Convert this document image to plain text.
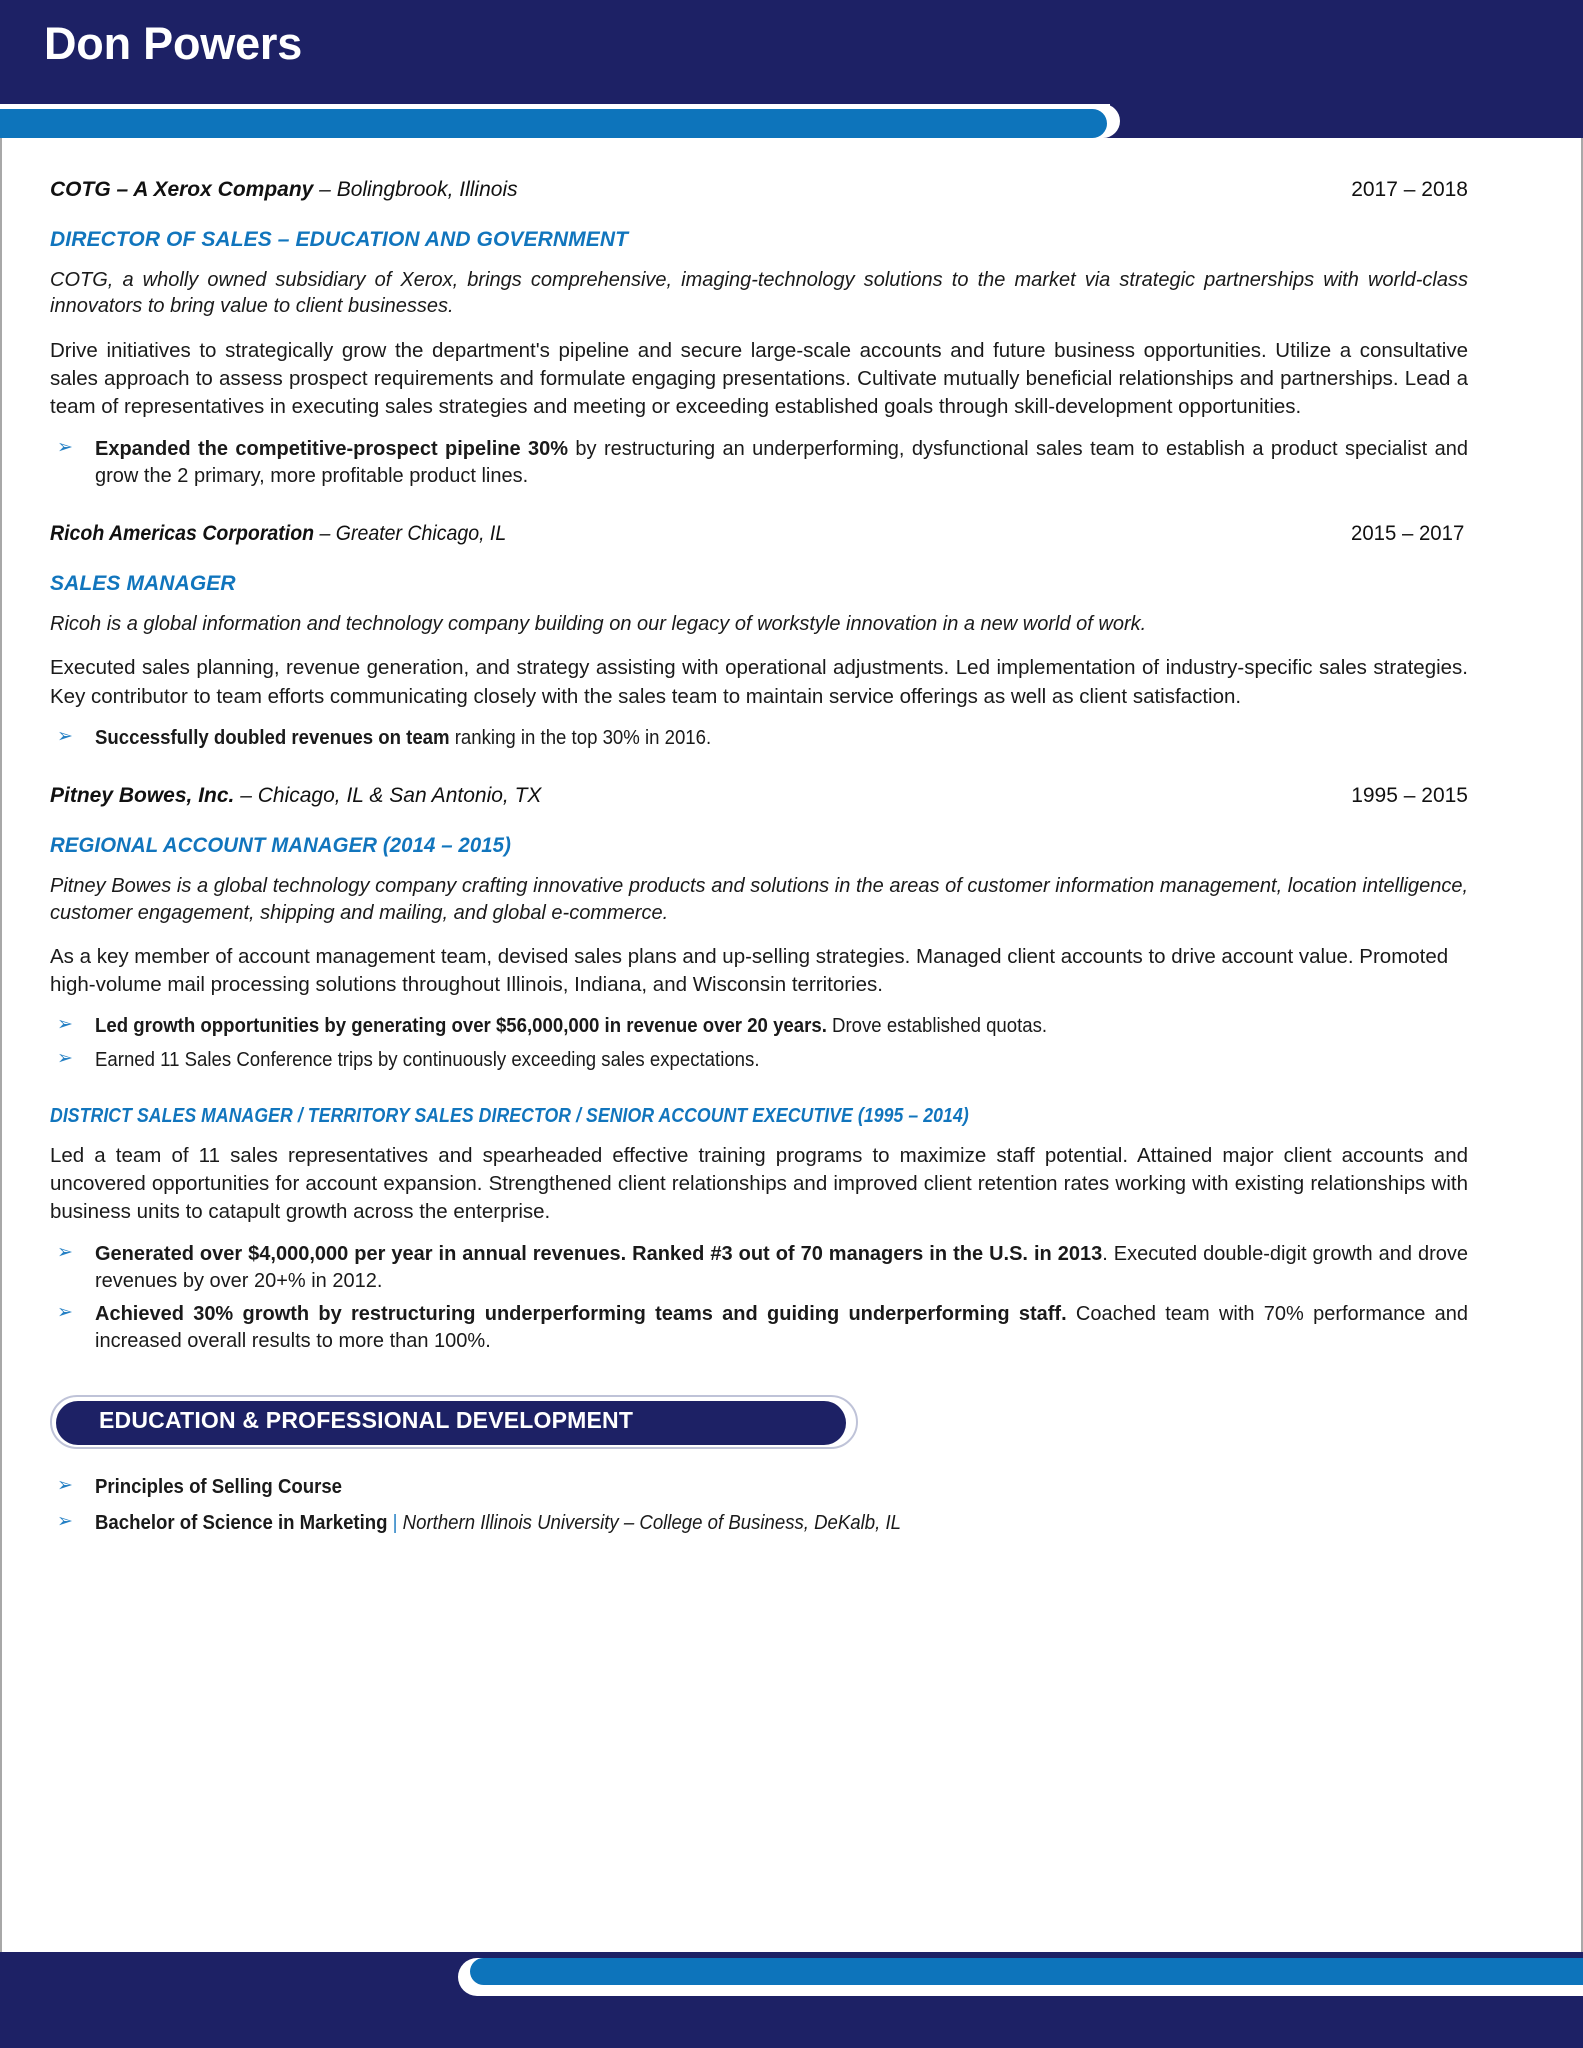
Don Powers
COTG – A Xerox Company – Bolingbrook, Illinois	2017 – 2018
DIRECTOR OF SALES – EDUCATION AND GOVERNMENT
COTG, a wholly owned subsidiary of Xerox, brings comprehensive, imaging-technology solutions to the market via strategic partnerships with world-class innovators to bring value to client businesses.
Drive initiatives to strategically grow the department's pipeline and secure large-scale accounts and future business opportunities. Utilize a consultative sales approach to assess prospect requirements and formulate engaging presentations. Cultivate mutually beneficial relationships and partnerships. Lead a team of representatives in executing sales strategies and meeting or exceeding established goals through skill-development opportunities.
➢ Expanded the competitive-prospect pipeline 30% by restructuring an underperforming, dysfunctional sales team to establish a product specialist and grow the 2 primary, more profitable product lines.
Ricoh Americas Corporation – Greater Chicago, IL	2015 – 2017
SALES MANAGER
Ricoh is a global information and technology company building on our legacy of workstyle innovation in a new world of work.
Executed sales planning, revenue generation, and strategy assisting with operational adjustments. Led implementation of industry-specific sales strategies. Key contributor to team efforts communicating closely with the sales team to maintain service offerings as well as client satisfaction.
➢ Successfully doubled revenues on team ranking in the top 30% in 2016.
Pitney Bowes, Inc. – Chicago, IL & San Antonio, TX	1995 – 2015
REGIONAL ACCOUNT MANAGER (2014 – 2015)
Pitney Bowes is a global technology company crafting innovative products and solutions in the areas of customer information management, location intelligence, customer engagement, shipping and mailing, and global e-commerce.
As a key member of account management team, devised sales plans and up-selling strategies. Managed client accounts to drive account value. Promoted high-volume mail processing solutions throughout Illinois, Indiana, and Wisconsin territories.
➢ Led growth opportunities by generating over $56,000,000 in revenue over 20 years. Drove established quotas.
➢ Earned 11 Sales Conference trips by continuously exceeding sales expectations.
DISTRICT SALES MANAGER / TERRITORY SALES DIRECTOR / SENIOR ACCOUNT EXECUTIVE (1995 – 2014)
Led a team of 11 sales representatives and spearheaded effective training programs to maximize staff potential. Attained major client accounts and uncovered opportunities for account expansion. Strengthened client relationships and improved client retention rates working with existing relationships with business units to catapult growth across the enterprise.
➢ Generated over $4,000,000 per year in annual revenues. Ranked #3 out of 70 managers in the U.S. in 2013. Executed double-digit growth and drove revenues by over 20+% in 2012.
➢ Achieved 30% growth by restructuring underperforming teams and guiding underperforming staff. Coached team with 70% performance and increased overall results to more than 100%.
EDUCATION & PROFESSIONAL DEVELOPMENT
➢ Principles of Selling Course
➢ Bachelor of Science in Marketing | Northern Illinois University – College of Business, DeKalb, IL
